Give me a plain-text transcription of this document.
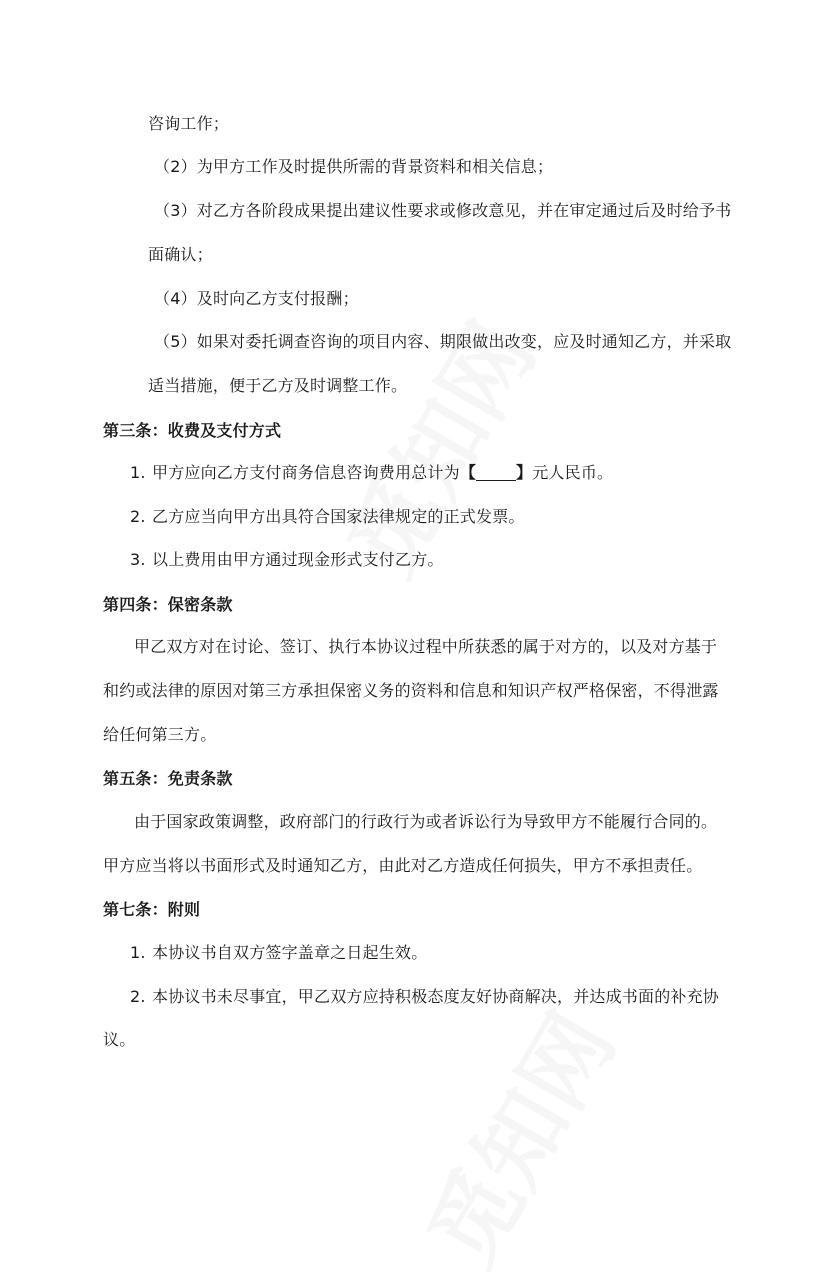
咨询工作；
（2）为甲方工作及时提供所需的背景资料和相关信息；
（3）对乙方各阶段成果提出建议性要求或修改意见，并在审定通过后及时给予书
面确认；
（4）及时向乙方支付报酬；
（5）如果对委托调查咨询的项目内容、期限做出改变，应及时通知乙方，并采取
适当措施，便于乙方及时调整工作。
第三条：收费及支付方式
1. 甲方应向乙方支付商务信息咨询费用总计为【	】元人民币。
2. 乙方应当向甲方出具符合国家法律规定的正式发票。
3. 以上费用由甲方通过现金形式支付乙方。
第四条：保密条款
甲乙双方对在讨论、签订、执行本协议过程中所获悉的属于对方的，以及对方基于
和约或法律的原因对第三方承担保密义务的资料和信息和知识产权严格保密，不得泄露
给任何第三方。
第五条：免责条款
由于国家政策调整，政府部门的行政行为或者诉讼行为导致甲方不能履行合同的。
甲方应当将以书面形式及时通知乙方，由此对乙方造成任何损失，甲方不承担责任。
第七条：附则
1. 本协议书自双方签字盖章之日起生效。
2. 本协议书未尽事宜，甲乙双方应持积极态度友好协商解决，并达成书面的补充协
议。
